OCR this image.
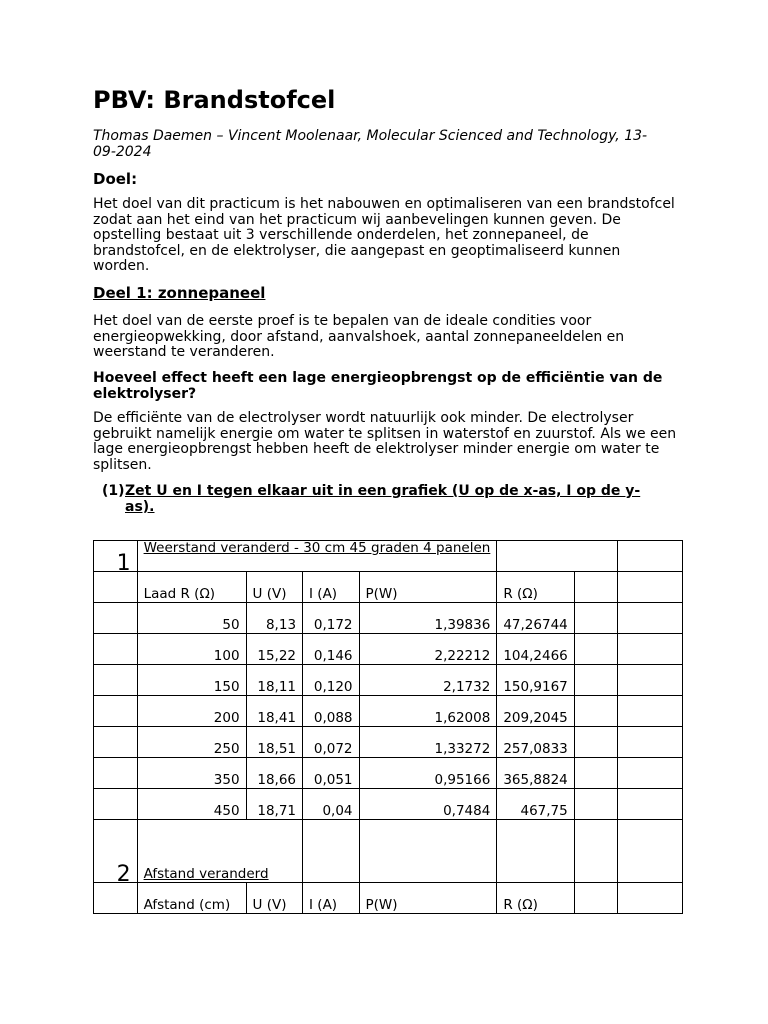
PBV: Brandstofcel

Thomas Daemen – Vincent Moolenaar, Molecular Scienced and Technology, 13-09-2024

Doel:

Het doel van dit practicum is het nabouwen en optimaliseren van een brandstofcel zodat aan het eind van het practicum wij aanbevelingen kunnen geven. De opstelling bestaat uit 3 verschillende onderdelen, het zonnepaneel, de brandstofcel, en de elektrolyser, die aangepast en geoptimaliseerd kunnen worden.

Deel 1: zonnepaneel

Het doel van de eerste proef is te bepalen van de ideale condities voor energieopwekking, door afstand, aanvalshoek, aantal zonnepaneeldelen en weerstand te veranderen.

Hoeveel effect heeft een lage energieopbrengst op de efficiëntie van de elektrolyser?

De efficiënte van de electrolyser wordt natuurlijk ook minder. De electrolyser gebruikt namelijk energie om water te splitsen in waterstof en zuurstof. Als we een lage energieopbrengst hebben heeft de elektrolyser minder energie om water te splitsen.

(1) Zet U en I tegen elkaar uit in een grafiek (U op de x-as, I op de y-as).

1	Weerstand veranderd - 30 cm 45 graden 4 panelen						
	Laad R (Ω)	U (V)	I (A)	P(W)	R (Ω)		
	50	8,13	0,172	1,39836	47,26744		
	100	15,22	0,146	2,22212	104,2466		
	150	18,11	0,120	2,1732	150,9167		
	200	18,41	0,088	1,62008	209,2045		
	250	18,51	0,072	1,33272	257,0833		
	350	18,66	0,051	0,95166	365,8824		
	450	18,71	0,04	0,7484	467,75		
2	Afstand veranderd						
	Afstand (cm)	U (V)	I (A)	P(W)	R (Ω)		
